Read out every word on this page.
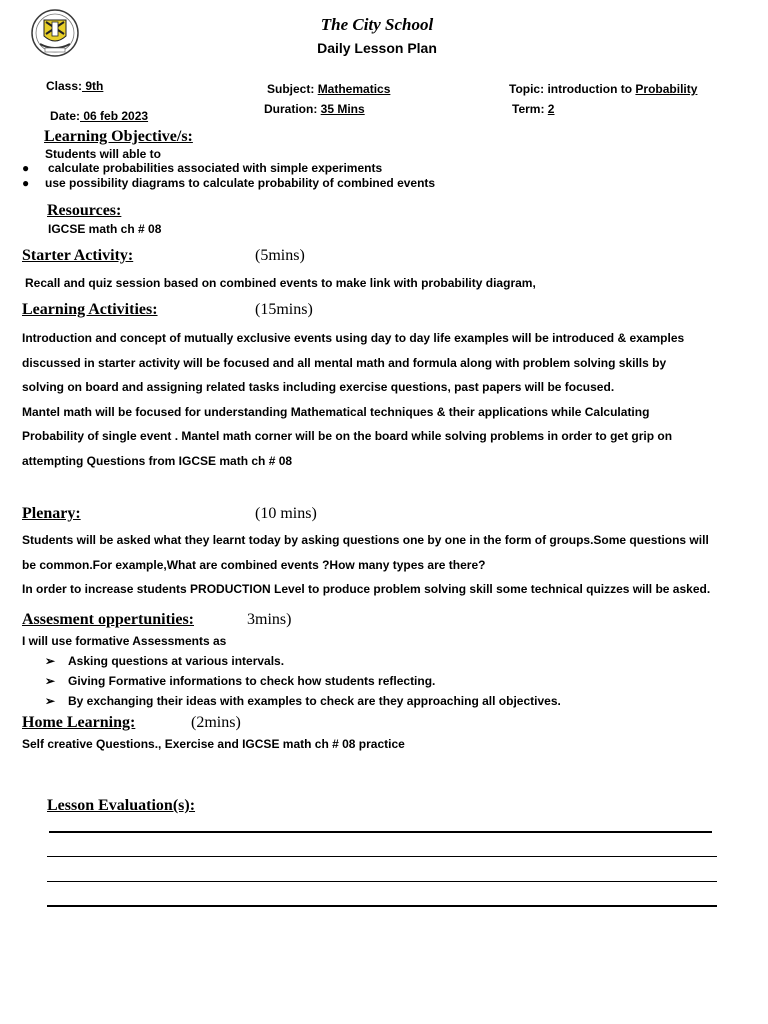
The City School
Daily Lesson Plan
Class: 9th	Subject: Mathematics	Topic: introduction to Probability
Date: 06 feb 2023	Duration: 35 Mins	Term: 2
Learning Objective/s:
Students will able to
● calculate probabilities associated with simple experiments
● use possibility diagrams to calculate probability of combined events
Resources:
IGCSE math ch # 08
Starter Activity:	(5mins)
Recall and quiz session based on combined events to make link with probability diagram,
Learning Activities:	(15mins)

Introduction and concept of mutually exclusive events using day to day life examples will be introduced & examples

discussed in starter activity will be focused and all mental math and formula along with problem solving skills by

solving on board and assigning related tasks including exercise questions, past papers will be focused.

Mantel math will be focused for understanding Mathematical techniques & their applications while Calculating

Probability of single event . Mantel math corner will be on the board while solving problems in order to get grip on

attempting Questions from IGCSE math ch # 08

Plenary:	(10 mins)

Students will be asked what they learnt today by asking questions one by one in the form of groups.Some questions will

be common.For example,What are combined events ?How many types are there?

In order to increase students PRODUCTION Level to produce problem solving skill some technical quizzes will be asked.

Assesment oppertunities:	3mins)
I will use formative Assessments as
➢ Asking questions at various intervals.
➢ Giving Formative informations to check how students reflecting.
➢ By exchanging their ideas with examples to check are they approaching all objectives.
Home Learning:	(2mins)
Self creative Questions., Exercise and IGCSE math ch # 08 practice
Lesson Evaluation(s):
